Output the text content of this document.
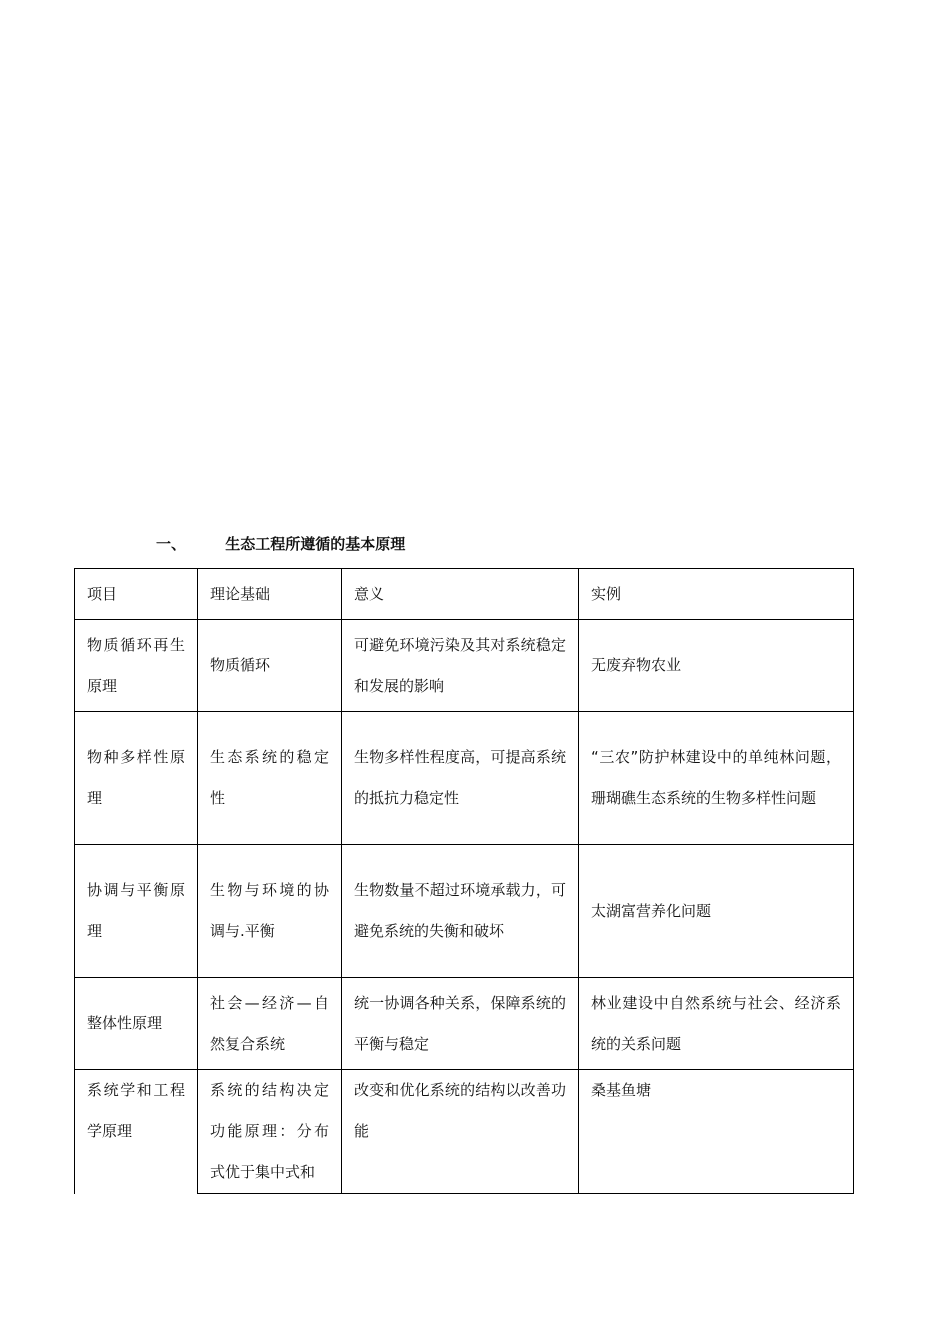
一、	生态工程所遵循的基本原理
项目	理论基础	意义	实例
物质循环再生原理	物质循环	可避免环境污染及其对系统稳定和发展的影响	无废弃物农业
物种多样性原理	生态系统的稳定性	生物多样性程度高，可提高系统的抵抗力稳定性	“三农”防护林建设中的单纯林问题，珊瑚礁生态系统的生物多样性问题
协调与平衡原理	生物与环境的协调与.平衡	生物数量不超过环境承载力，可避免系统的失衡和破坏	太湖富营养化问题
整体性原理	社会—经济—自然复合系统	统一协调各种关系，保障系统的平衡与稳定	林业建设中自然系统与社会、经济系统的关系问题
系统学和工程学原理	系统的结构决定功能原理：分布式优于集中式和	改变和优化系统的结构以改善功能	桑基鱼塘
